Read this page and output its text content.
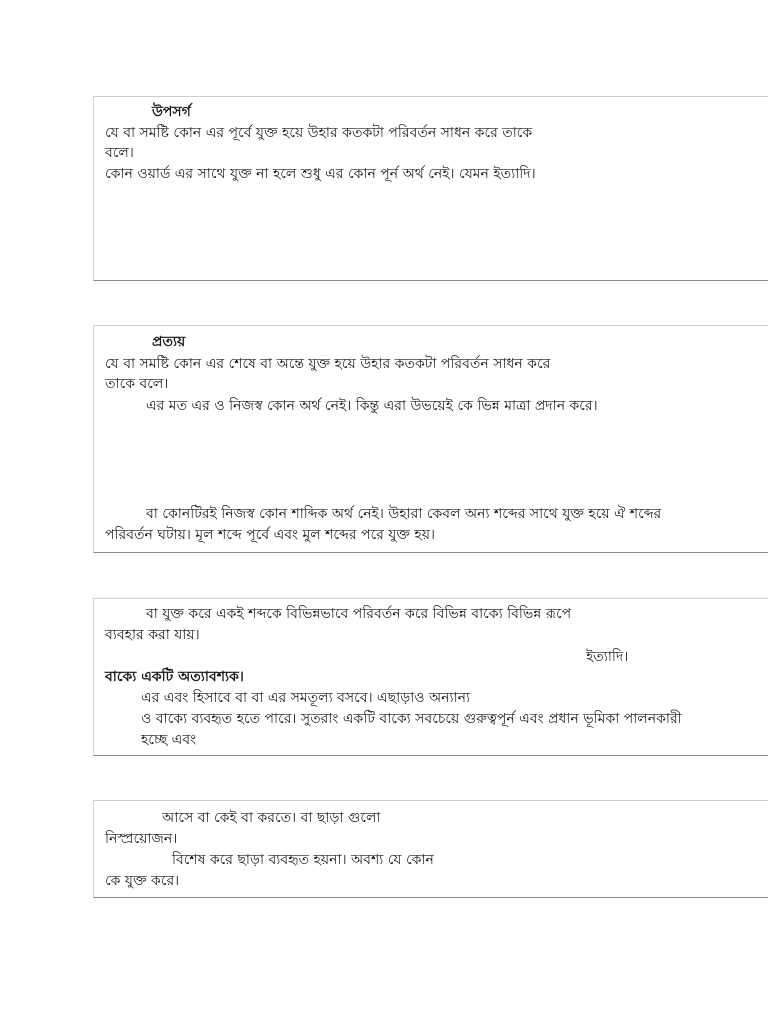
উপসর্গ
যে বা সমষ্টি কোন এর পূর্বে যুক্ত হয়ে উহার কতকটা পরিবর্তন সাধন করে তাকে
বলে।
কোন ওয়ার্ড এর সাথে যুক্ত না হলে শুধু এর কোন পূর্ন অর্থ নেই। যেমন ইত্যাদি।
প্রত্যয়
যে বা সমষ্টি কোন এর শেষে বা অন্তে যুক্ত হয়ে উহার কতকটা পরিবর্তন সাধন করে
তাকে বলে।
এর মত এর ও নিজস্ব কোন অর্থ নেই। কিন্তু এরা উভয়েই কে ভিন্ন মাত্রা প্রদান করে।
বা কোনটিরই নিজস্ব কোন শাব্দিক অর্থ নেই। উহারা কেবল অন্য শব্দের সাথে যুক্ত হয়ে ঐ শব্দের
পরিবর্তন ঘটায়। মূল শব্দে পূর্বে এবং মুল শব্দের পরে যুক্ত হয়।
বা যুক্ত করে একই শব্দকে বিভিন্নভাবে পরিবর্তন করে বিভিন্ন বাক্যে বিভিন্ন রূপে
ব্যবহার করা যায়।
ইত্যাদি।
বাক্যে একটি অত্যাবশ্যক।
এর এবং হিসাবে বা বা এর সমতূল্য বসবে। এছাড়াও অন্যান্য
ও বাক্যে ব্যবহৃত হতে পারে। সুতরাং একটি বাক্যে সবচেয়ে গুরুত্বপূর্ন এবং প্রধান ভূমিকা পালনকারী
হচ্ছে এবং
আসে বা কেই বা করতে। বা ছাড়া গুলো
নিস্প্রয়োজন।
বিশেষ করে ছাড়া ব্যবহৃত হয়না। অবশ্য যে কোন
কে যুক্ত করে।
